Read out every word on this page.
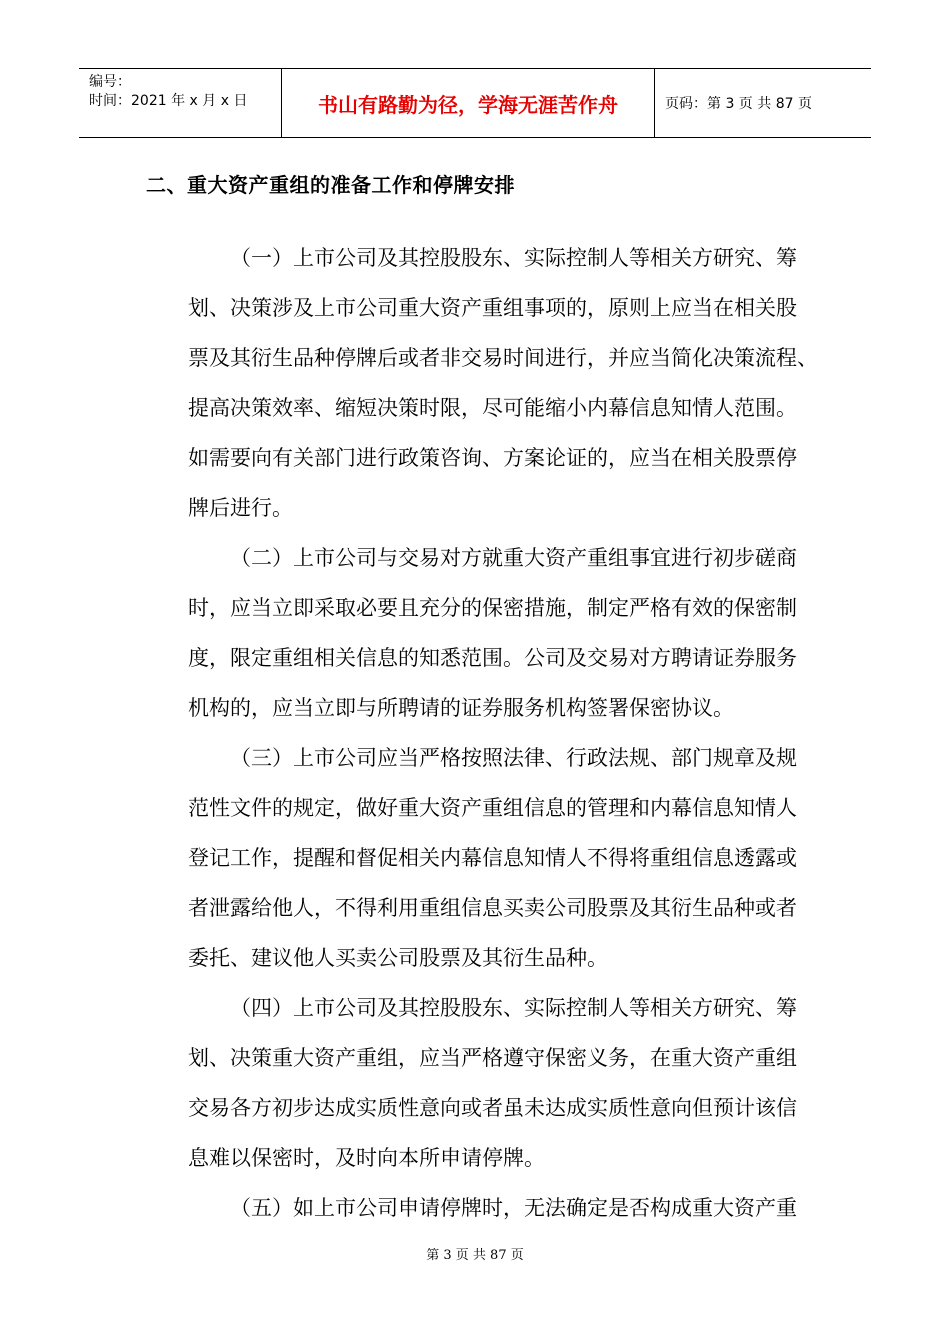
编号：
时间：2021 年 x 月 x 日	书山有路勤为径，学海无涯苦作舟	页码：第 3 页 共 87 页
二、重大资产重组的准备工作和停牌安排
（一）上市公司及其控股股东、实际控制人等相关方研究、筹
划、决策涉及上市公司重大资产重组事项的，原则上应当在相关股
票及其衍生品种停牌后或者非交易时间进行，并应当简化决策流程、
提高决策效率、缩短决策时限，尽可能缩小内幕信息知情人范围。
如需要向有关部门进行政策咨询、方案论证的，应当在相关股票停
牌后进行。
（二）上市公司与交易对方就重大资产重组事宜进行初步磋商
时，应当立即采取必要且充分的保密措施，制定严格有效的保密制
度，限定重组相关信息的知悉范围。公司及交易对方聘请证券服务
机构的，应当立即与所聘请的证券服务机构签署保密协议。
（三）上市公司应当严格按照法律、行政法规、部门规章及规
范性文件的规定，做好重大资产重组信息的管理和内幕信息知情人
登记工作，提醒和督促相关内幕信息知情人不得将重组信息透露或
者泄露给他人，不得利用重组信息买卖公司股票及其衍生品种或者
委托、建议他人买卖公司股票及其衍生品种。
（四）上市公司及其控股股东、实际控制人等相关方研究、筹
划、决策重大资产重组，应当严格遵守保密义务，在重大资产重组
交易各方初步达成实质性意向或者虽未达成实质性意向但预计该信
息难以保密时，及时向本所申请停牌。
（五）如上市公司申请停牌时，无法确定是否构成重大资产重
第 3 页 共 87 页
